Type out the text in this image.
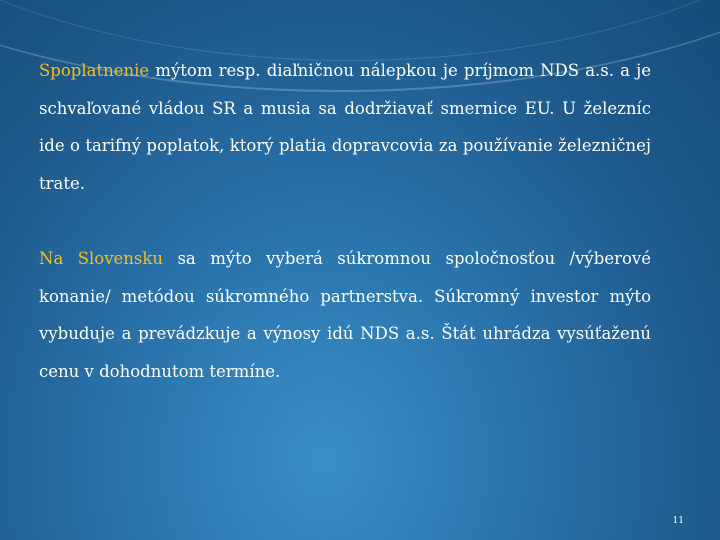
Spoplatnenie mýtom resp. diaľničnou nálepkou je príjmom NDS a.s. a je schvaľované vládou SR a musia sa dodržiavať smernice EU. U železníc ide o tarifný poplatok, ktorý platia dopravcovia za používanie železničnej trate.
Na Slovensku sa mýto vyberá súkromnou spoločnosťou /výberové konanie/ metódou súkromného partnerstva. Súkromný investor mýto vybuduje a prevádzkuje a výnosy idú NDS a.s. Štát uhrádza vysúťaženú cenu v dohodnutom termíne.
11
